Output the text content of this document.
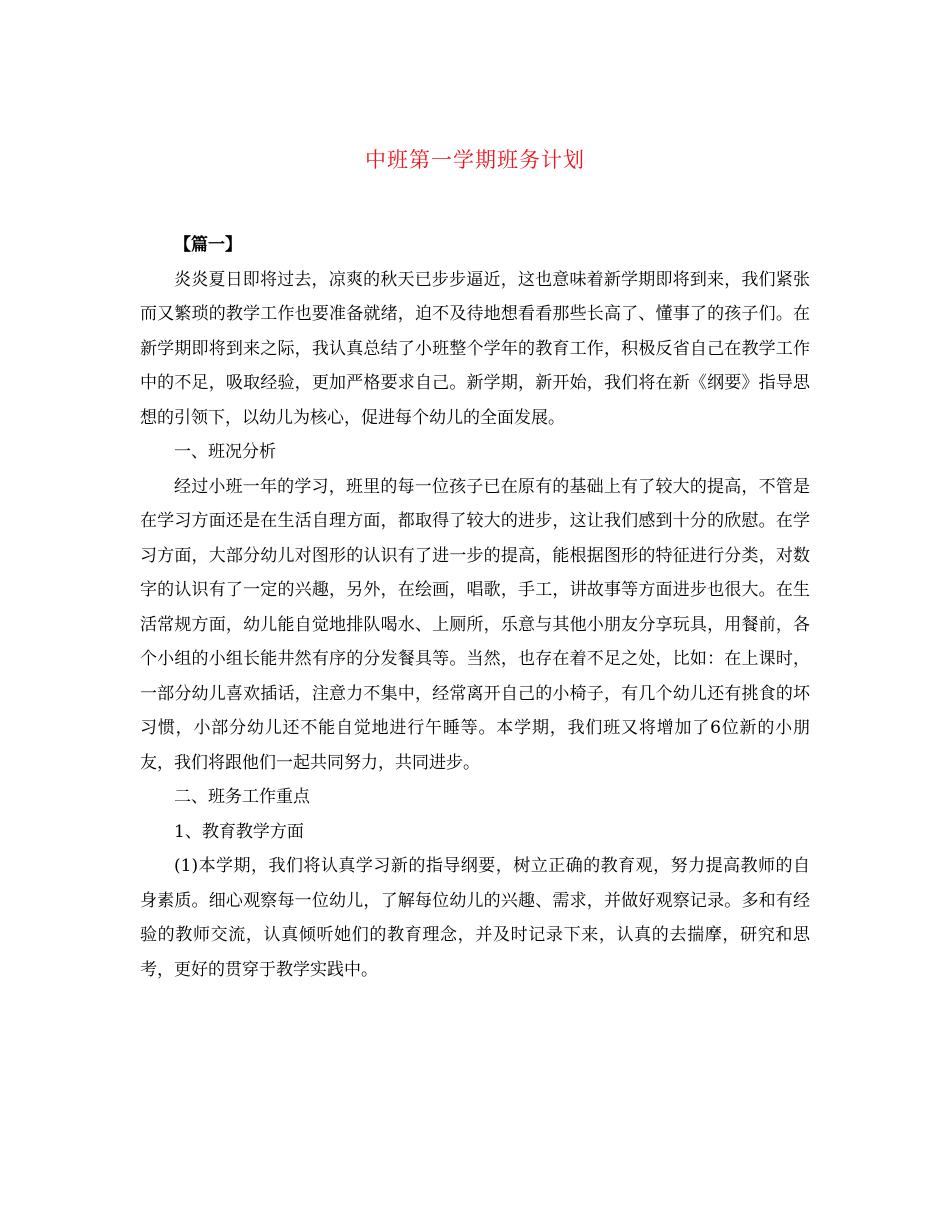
中班第一学期班务计划

【篇一】

炎炎夏日即将过去，凉爽的秋天已步步逼近，这也意味着新学期即将到来，我们紧张而又繁琐的教学工作也要准备就绪，迫不及待地想看看那些长高了、懂事了的孩子们。在新学期即将到来之际，我认真总结了小班整个学年的教育工作，积极反省自己在教学工作中的不足，吸取经验，更加严格要求自己。新学期，新开始，我们将在新《纲要》指导思想的引领下，以幼儿为核心，促进每个幼儿的全面发展。

一、班况分析

经过小班一年的学习，班里的每一位孩子已在原有的基础上有了较大的提高，不管是在学习方面还是在生活自理方面，都取得了较大的进步，这让我们感到十分的欣慰。在学习方面，大部分幼儿对图形的认识有了进一步的提高，能根据图形的特征进行分类，对数字的认识有了一定的兴趣，另外，在绘画，唱歌，手工，讲故事等方面进步也很大。在生活常规方面，幼儿能自觉地排队喝水、上厕所，乐意与其他小朋友分享玩具，用餐前，各个小组的小组长能井然有序的分发餐具等。当然，也存在着不足之处，比如：在上课时，一部分幼儿喜欢插话，注意力不集中，经常离开自己的小椅子，有几个幼儿还有挑食的坏习惯，小部分幼儿还不能自觉地进行午睡等。本学期，我们班又将增加了6位新的小朋友，我们将跟他们一起共同努力，共同进步。

二、班务工作重点

1、教育教学方面

(1)本学期，我们将认真学习新的指导纲要，树立正确的教育观，努力提高教师的自身素质。细心观察每一位幼儿，了解每位幼儿的兴趣、需求，并做好观察记录。多和有经验的教师交流，认真倾听她们的教育理念，并及时记录下来，认真的去揣摩，研究和思考，更好的贯穿于教学实践中。
